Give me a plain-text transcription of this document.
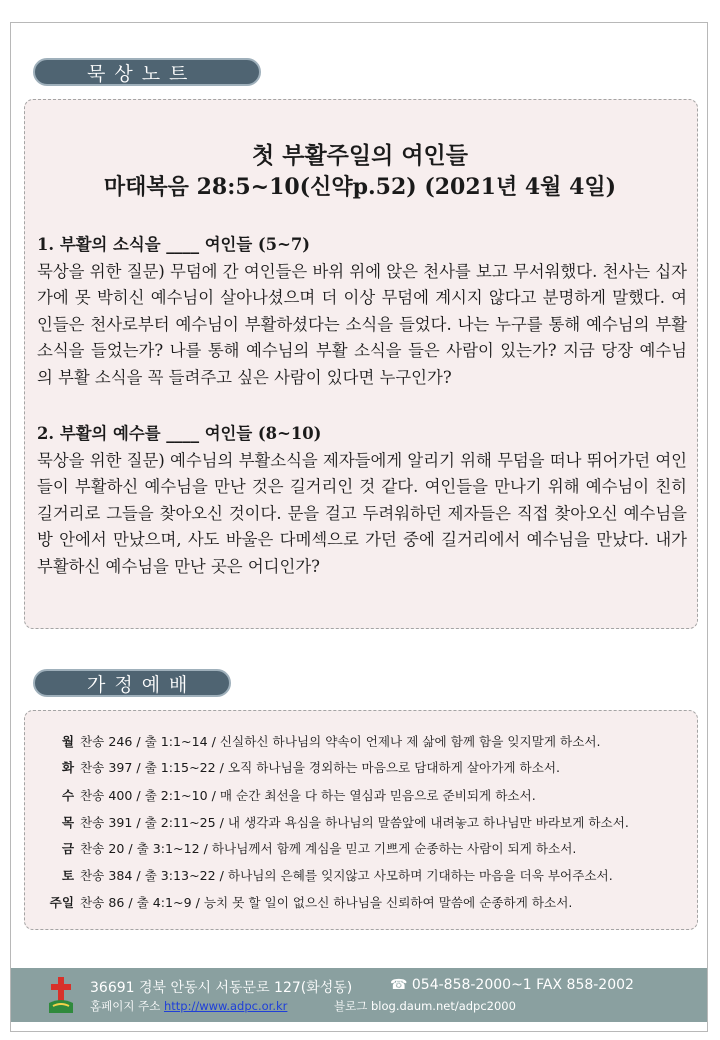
묵상노트
첫 부활주일의 여인들
마태복음 28:5~10(신약p.52) (2021년 4월 4일)
1. 부활의 소식을 ____ 여인들 (5~7)
묵상을 위한 질문) 무덤에 간 여인들은 바위 위에 앉은 천사를 보고 무서워했다. 천사는 십자가에 못 박히신 예수님이 살아나셨으며 더 이상 무덤에 계시지 않다고 분명하게 말했다. 여인들은 천사로부터 예수님이 부활하셨다는 소식을 들었다. 나는 누구를 통해 예수님의 부활소식을 들었는가? 나를 통해 예수님의 부활 소식을 들은 사람이 있는가? 지금 당장 예수님의 부활 소식을 꼭 들려주고 싶은 사람이 있다면 누구인가?
2. 부활의 예수를 ____ 여인들 (8~10)
묵상을 위한 질문) 예수님의 부활소식을 제자들에게 알리기 위해 무덤을 떠나 뛰어가던 여인들이 부활하신 예수님을 만난 것은 길거리인 것 같다. 여인들을 만나기 위해 예수님이 친히 길거리로 그들을 찾아오신 것이다. 문을 걸고 두려워하던 제자들은 직접 찾아오신 예수님을 방 안에서 만났으며, 사도 바울은 다메섹으로 가던 중에 길거리에서 예수님을 만났다. 내가 부활하신 예수님을 만난 곳은 어디인가?
가정예배
월 찬송 246 / 출 1:1~14 / 신실하신 하나님의 약속이 언제나 제 삶에 함께 함을 잊지말게 하소서.
화 찬송 397 / 출 1:15~22 / 오직 하나님을 경외하는 마음으로 담대하게 살아가게 하소서.
수 찬송 400 / 출 2:1~10 / 매 순간 최선을 다 하는 열심과 믿음으로 준비되게 하소서.
목 찬송 391 / 출 2:11~25 / 내 생각과 욕심을 하나님의 말씀앞에 내려놓고 하나님만 바라보게 하소서.
금 찬송 20 / 출 3:1~12 / 하나님께서 함께 계심을 믿고 기쁘게 순종하는 사람이 되게 하소서.
토 찬송 384 / 출 3:13~22 / 하나님의 은혜를 잊지않고 사모하며 기대하는 마음을 더욱 부어주소서.
주일 찬송 86 / 출 4:1~9 / 능치 못 할 일이 없으신 하나님을 신뢰하여 말씀에 순종하게 하소서.
36691 경북 안동시 서동문로 127(화성동)	☎ 054-858-2000~1 FAX 858-2002
홈페이지 주소 http://www.adpc.or.kr	블로그 blog.daum.net/adpc2000
